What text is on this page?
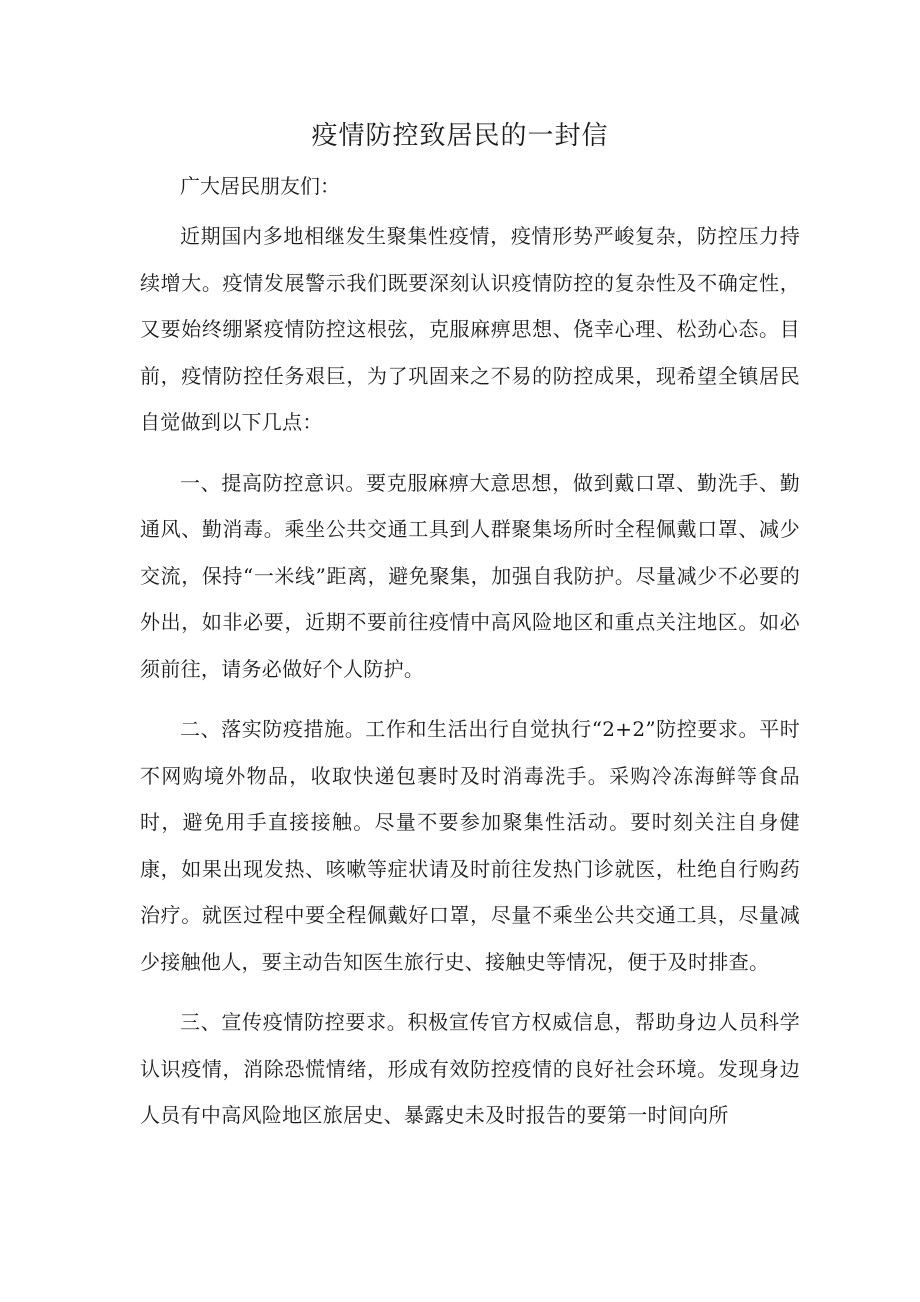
疫情防控致居民的一封信

广大居民朋友们：

近期国内多地相继发生聚集性疫情，疫情形势严峻复杂，防控压力持续增大。疫情发展警示我们既要深刻认识疫情防控的复杂性及不确定性，又要始终绷紧疫情防控这根弦，克服麻痹思想、侥幸心理、松劲心态。目前，疫情防控任务艰巨，为了巩固来之不易的防控成果，现希望全镇居民自觉做到以下几点：

一、提高防控意识。要克服麻痹大意思想，做到戴口罩、勤洗手、勤通风、勤消毒。乘坐公共交通工具到人群聚集场所时全程佩戴口罩、减少交流，保持“一米线”距离，避免聚集，加强自我防护。尽量减少不必要的外出，如非必要，近期不要前往疫情中高风险地区和重点关注地区。如必须前往，请务必做好个人防护。

二、落实防疫措施。工作和生活出行自觉执行“2+2”防控要求。平时不网购境外物品，收取快递包裹时及时消毒洗手。采购冷冻海鲜等食品时，避免用手直接接触。尽量不要参加聚集性活动。要时刻关注自身健康，如果出现发热、咳嗽等症状请及时前往发热门诊就医，杜绝自行购药治疗。就医过程中要全程佩戴好口罩，尽量不乘坐公共交通工具，尽量减少接触他人，要主动告知医生旅行史、接触史等情况，便于及时排查。

三、宣传疫情防控要求。积极宣传官方权威信息，帮助身边人员科学认识疫情，消除恐慌情绪，形成有效防控疫情的良好社会环境。发现身边人员有中高风险地区旅居史、暴露史未及时报告的要第一时间向所
